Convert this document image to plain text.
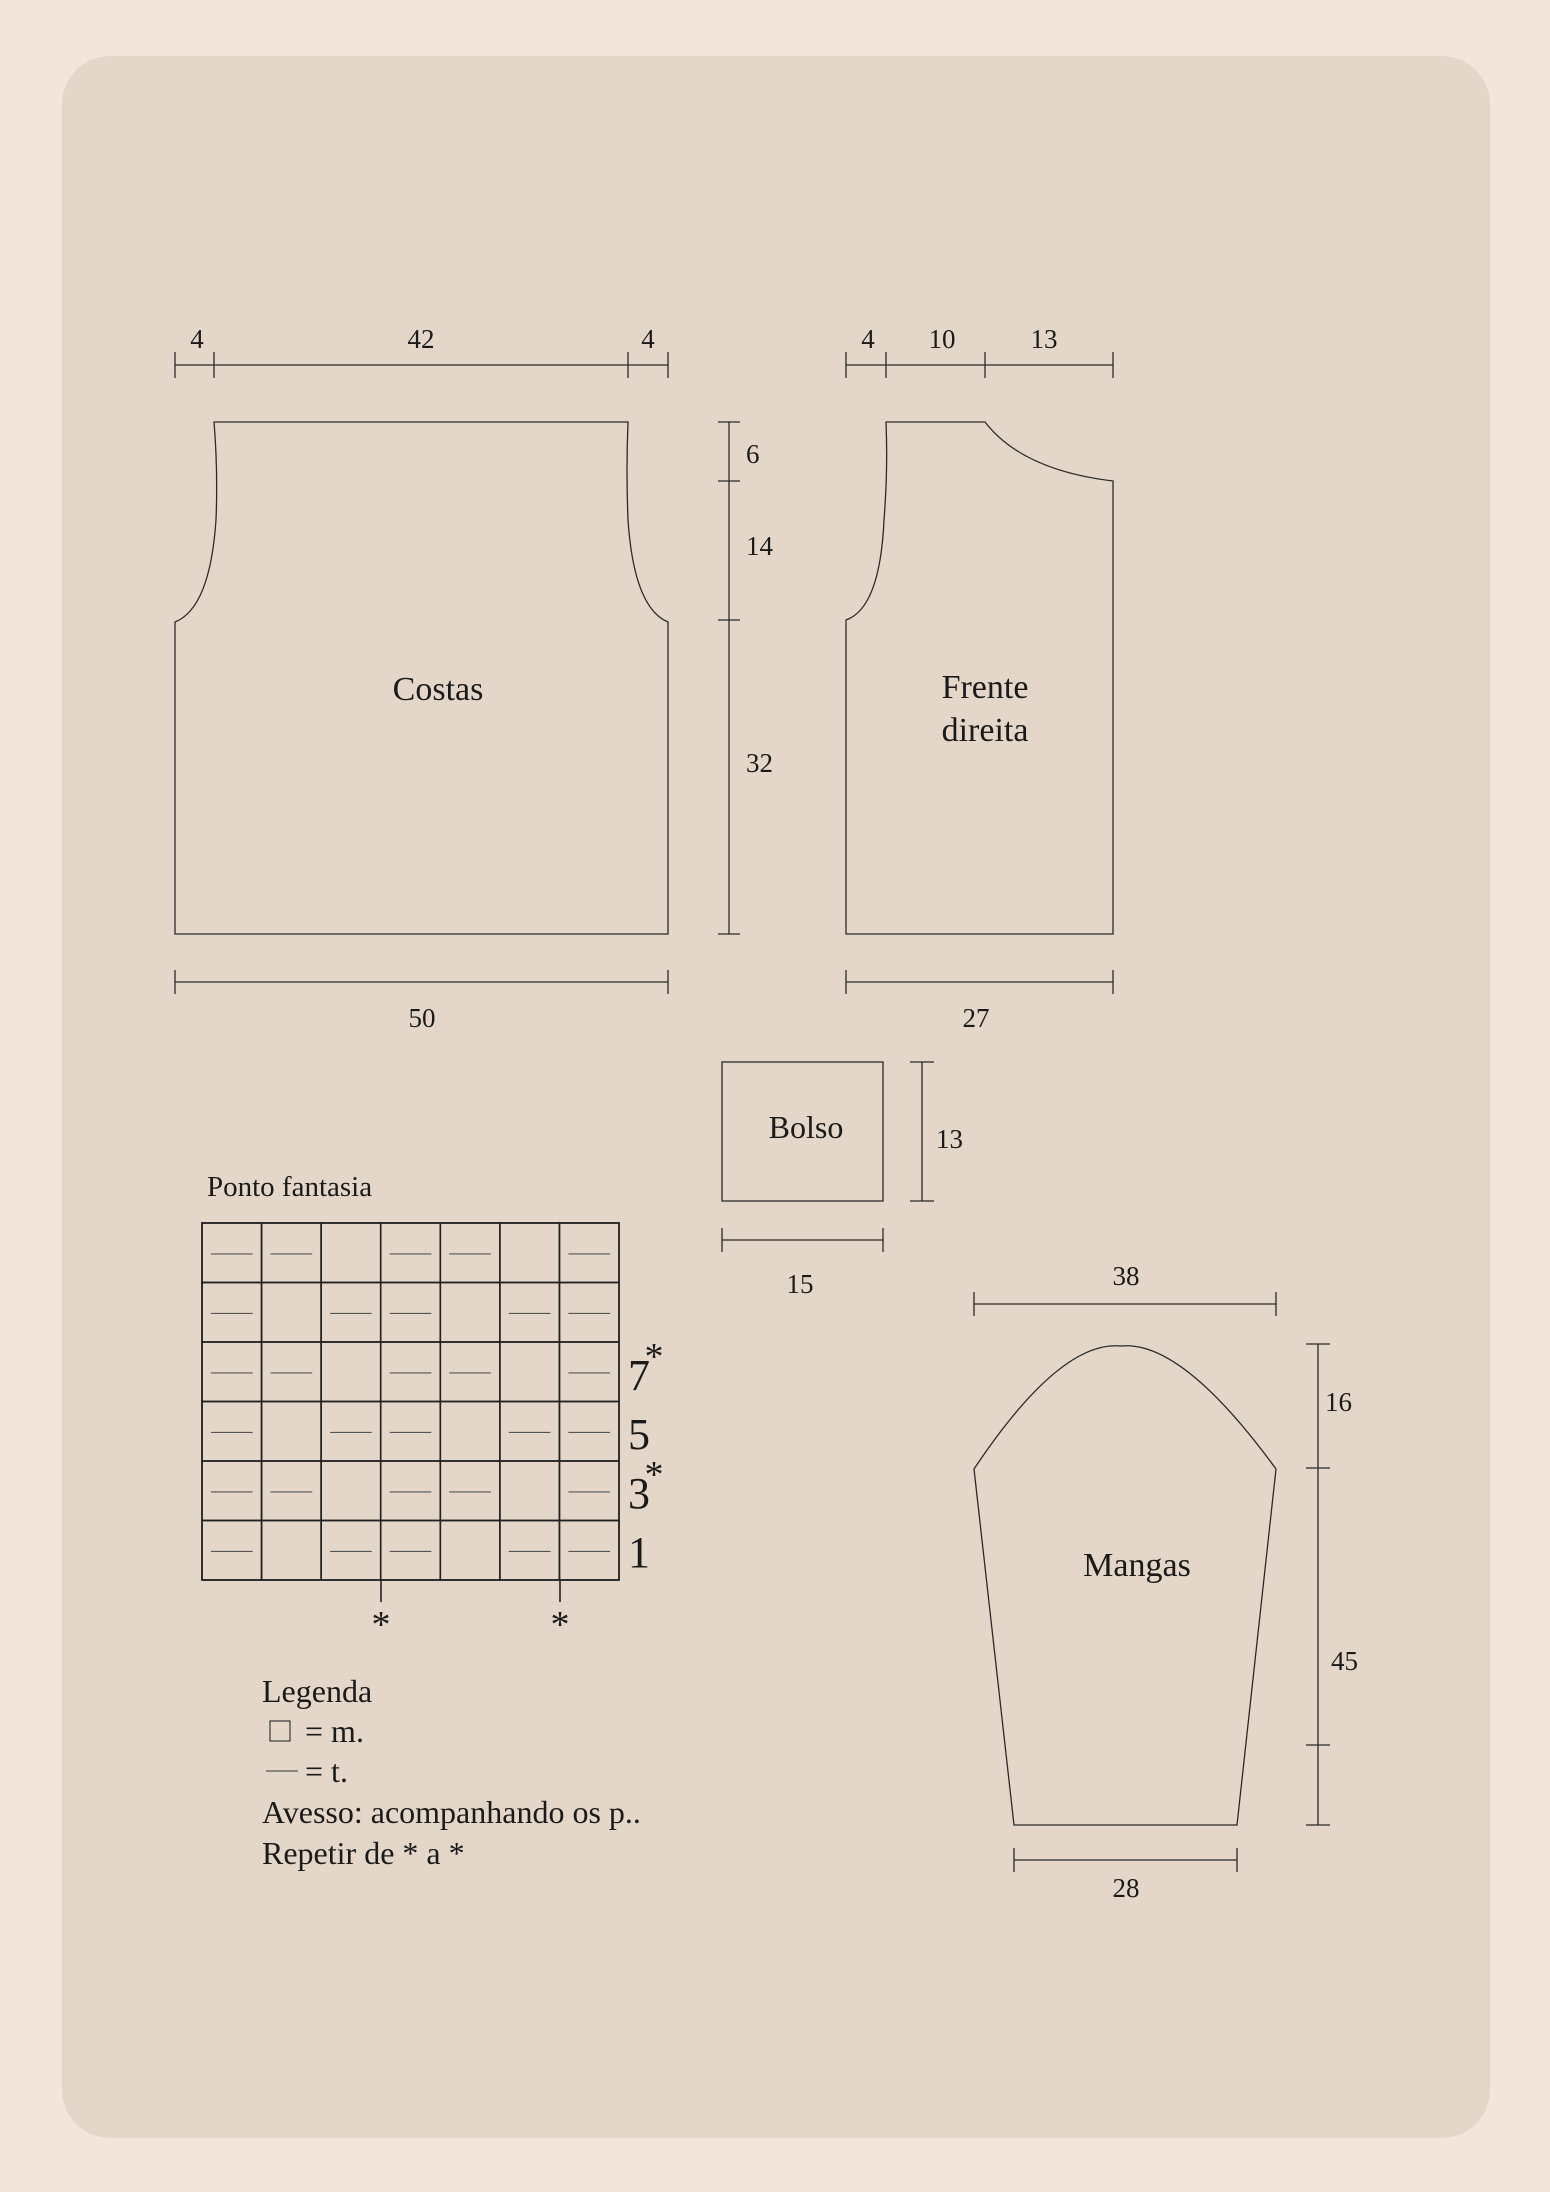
Costas
4	42	4
50
6
14
32
Frente
direita
4 10	13
27
Bolso	13
15
Mangas
38
16
45
28
Ponto fantasia
7
5
3
1
*
*
*	*
Legenda
= m.
= t.
Avesso: acompanhando os p..
Repetir de * a *
